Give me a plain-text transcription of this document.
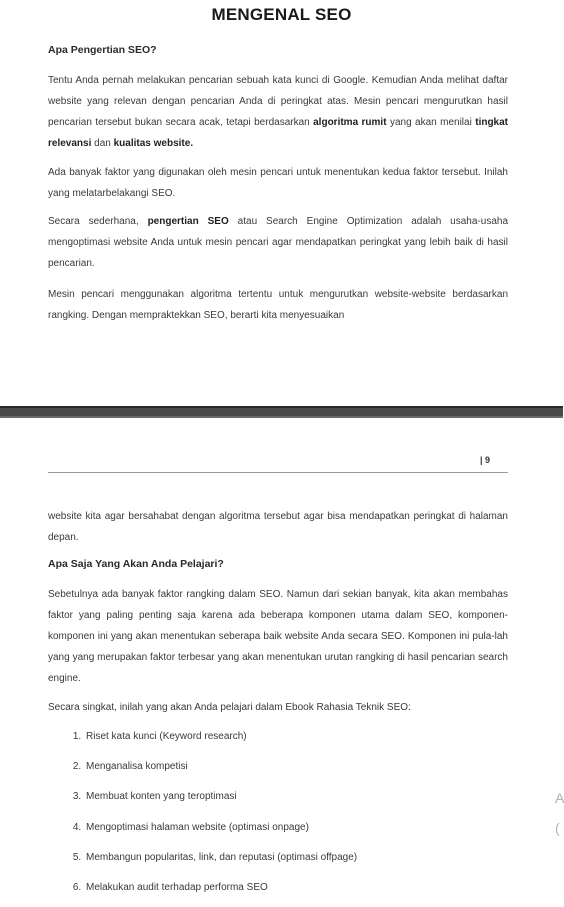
MENGENAL SEO
Apa Pengertian SEO?

Tentu Anda pernah melakukan pencarian sebuah kata kunci di Google. Kemudian Anda melihat daftar website yang relevan dengan pencarian Anda di peringkat atas. Mesin pencari mengurutkan hasil pencarian tersebut bukan secara acak, tetapi berdasarkan algoritma rumit yang akan menilai tingkat relevansi dan kualitas website.

Ada banyak faktor yang digunakan oleh mesin pencari untuk menentukan kedua faktor tersebut. Inilah yang melatarbelakangi SEO.

Secara sederhana, pengertian SEO atau Search Engine Optimization adalah usaha-usaha mengoptimasi website Anda untuk mesin pencari agar mendapatkan peringkat yang lebih baik di hasil pencarian.

Mesin pencari menggunakan algoritma tertentu untuk mengurutkan website-website berdasarkan rangking. Dengan mempraktekkan SEO, berarti kita menyesuaikan

| 9

website kita agar bersahabat dengan algoritma tersebut agar bisa mendapatkan peringkat di halaman depan.

Apa Saja Yang Akan Anda Pelajari?

Sebetulnya ada banyak faktor rangking dalam SEO. Namun dari sekian banyak, kita akan membahas faktor yang paling penting saja karena ada beberapa komponen utama dalam SEO, komponen-komponen ini yang akan menentukan seberapa baik website Anda secara SEO. Komponen ini pula-lah yang yang merupakan faktor terbesar yang akan menentukan urutan rangking di hasil pencarian search engine.

Secara singkat, inilah yang akan Anda pelajari dalam Ebook Rahasia Teknik SEO:

1. Riset kata kunci (Keyword research)
2. Menganalisa kompetisi
3. Membuat konten yang teroptimasi
4. Mengoptimasi halaman website (optimasi onpage)
5. Membangun popularitas, link, dan reputasi (optimasi offpage)
6. Melakukan audit terhadap performa SEO
A
(
